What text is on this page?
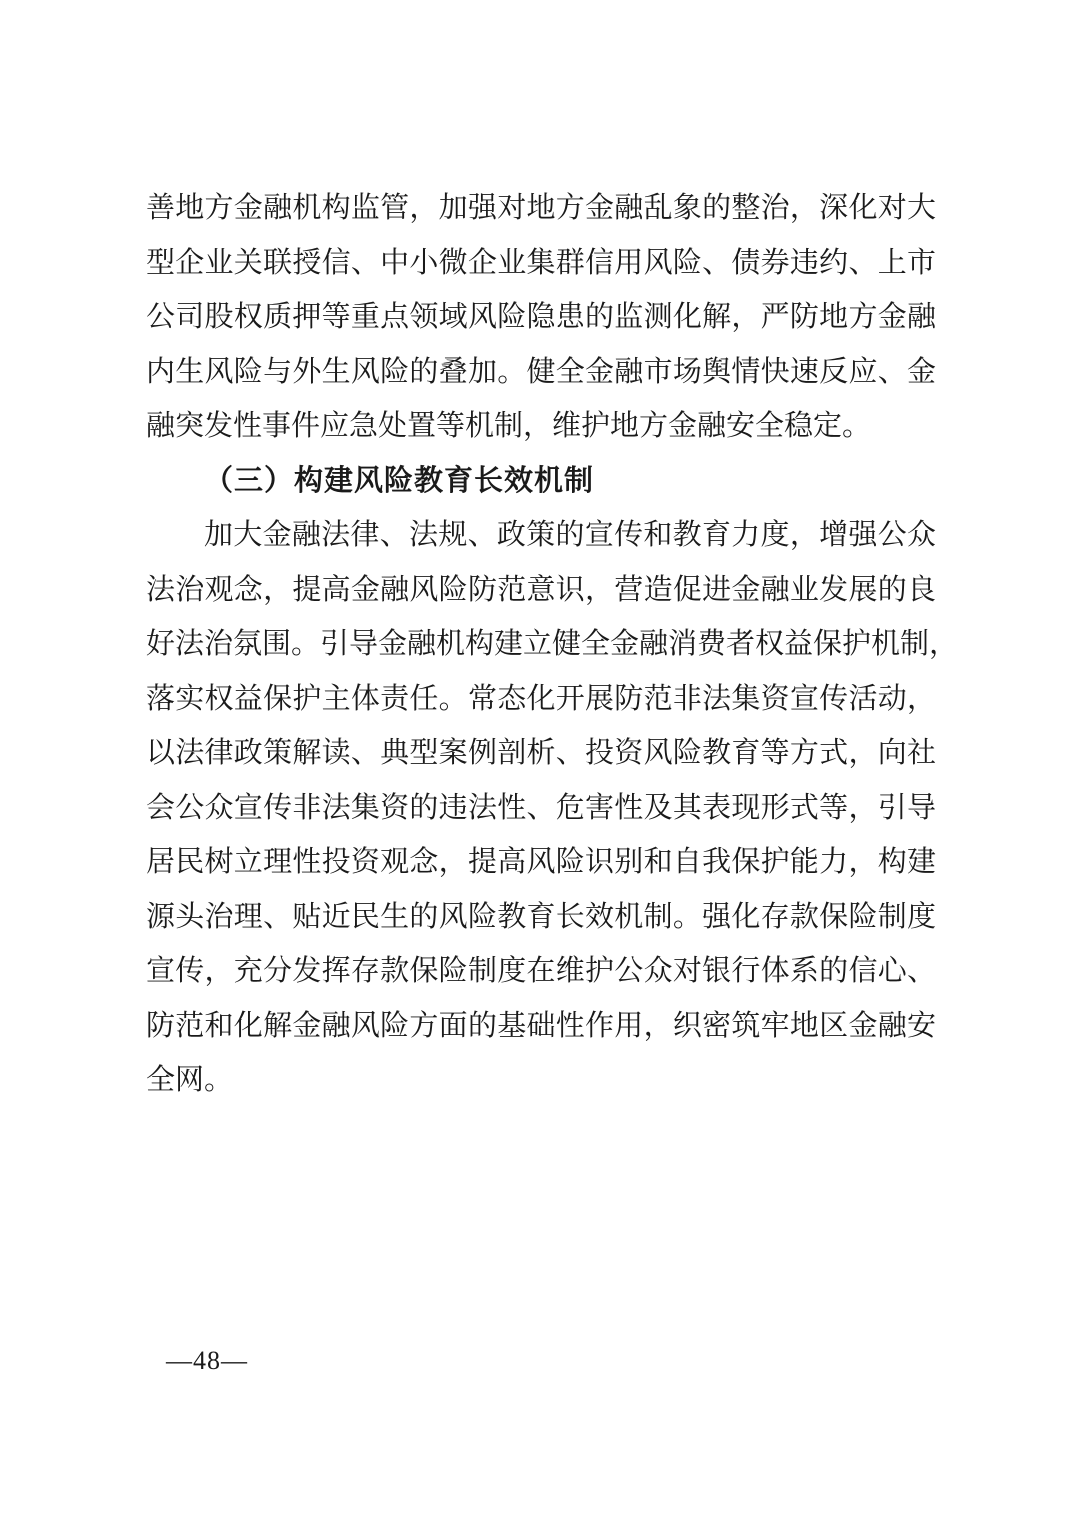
善地方金融机构监管，加强对地方金融乱象的整治，深化对大
型企业关联授信、中小微企业集群信用风险、债券违约、上市
公司股权质押等重点领域风险隐患的监测化解，严防地方金融
内生风险与外生风险的叠加。健全金融市场舆情快速反应、金
融突发性事件应急处置等机制，维护地方金融安全稳定。
（三）构建风险教育长效机制
加大金融法律、法规、政策的宣传和教育力度，增强公众
法治观念，提高金融风险防范意识，营造促进金融业发展的良
好法治氛围。引导金融机构建立健全金融消费者权益保护机制，
落实权益保护主体责任。常态化开展防范非法集资宣传活动，
以法律政策解读、典型案例剖析、投资风险教育等方式，向社
会公众宣传非法集资的违法性、危害性及其表现形式等，引导
居民树立理性投资观念，提高风险识别和自我保护能力，构建
源头治理、贴近民生的风险教育长效机制。强化存款保险制度
宣传，充分发挥存款保险制度在维护公众对银行体系的信心、
防范和化解金融风险方面的基础性作用，织密筑牢地区金融安
全网。
—48—
